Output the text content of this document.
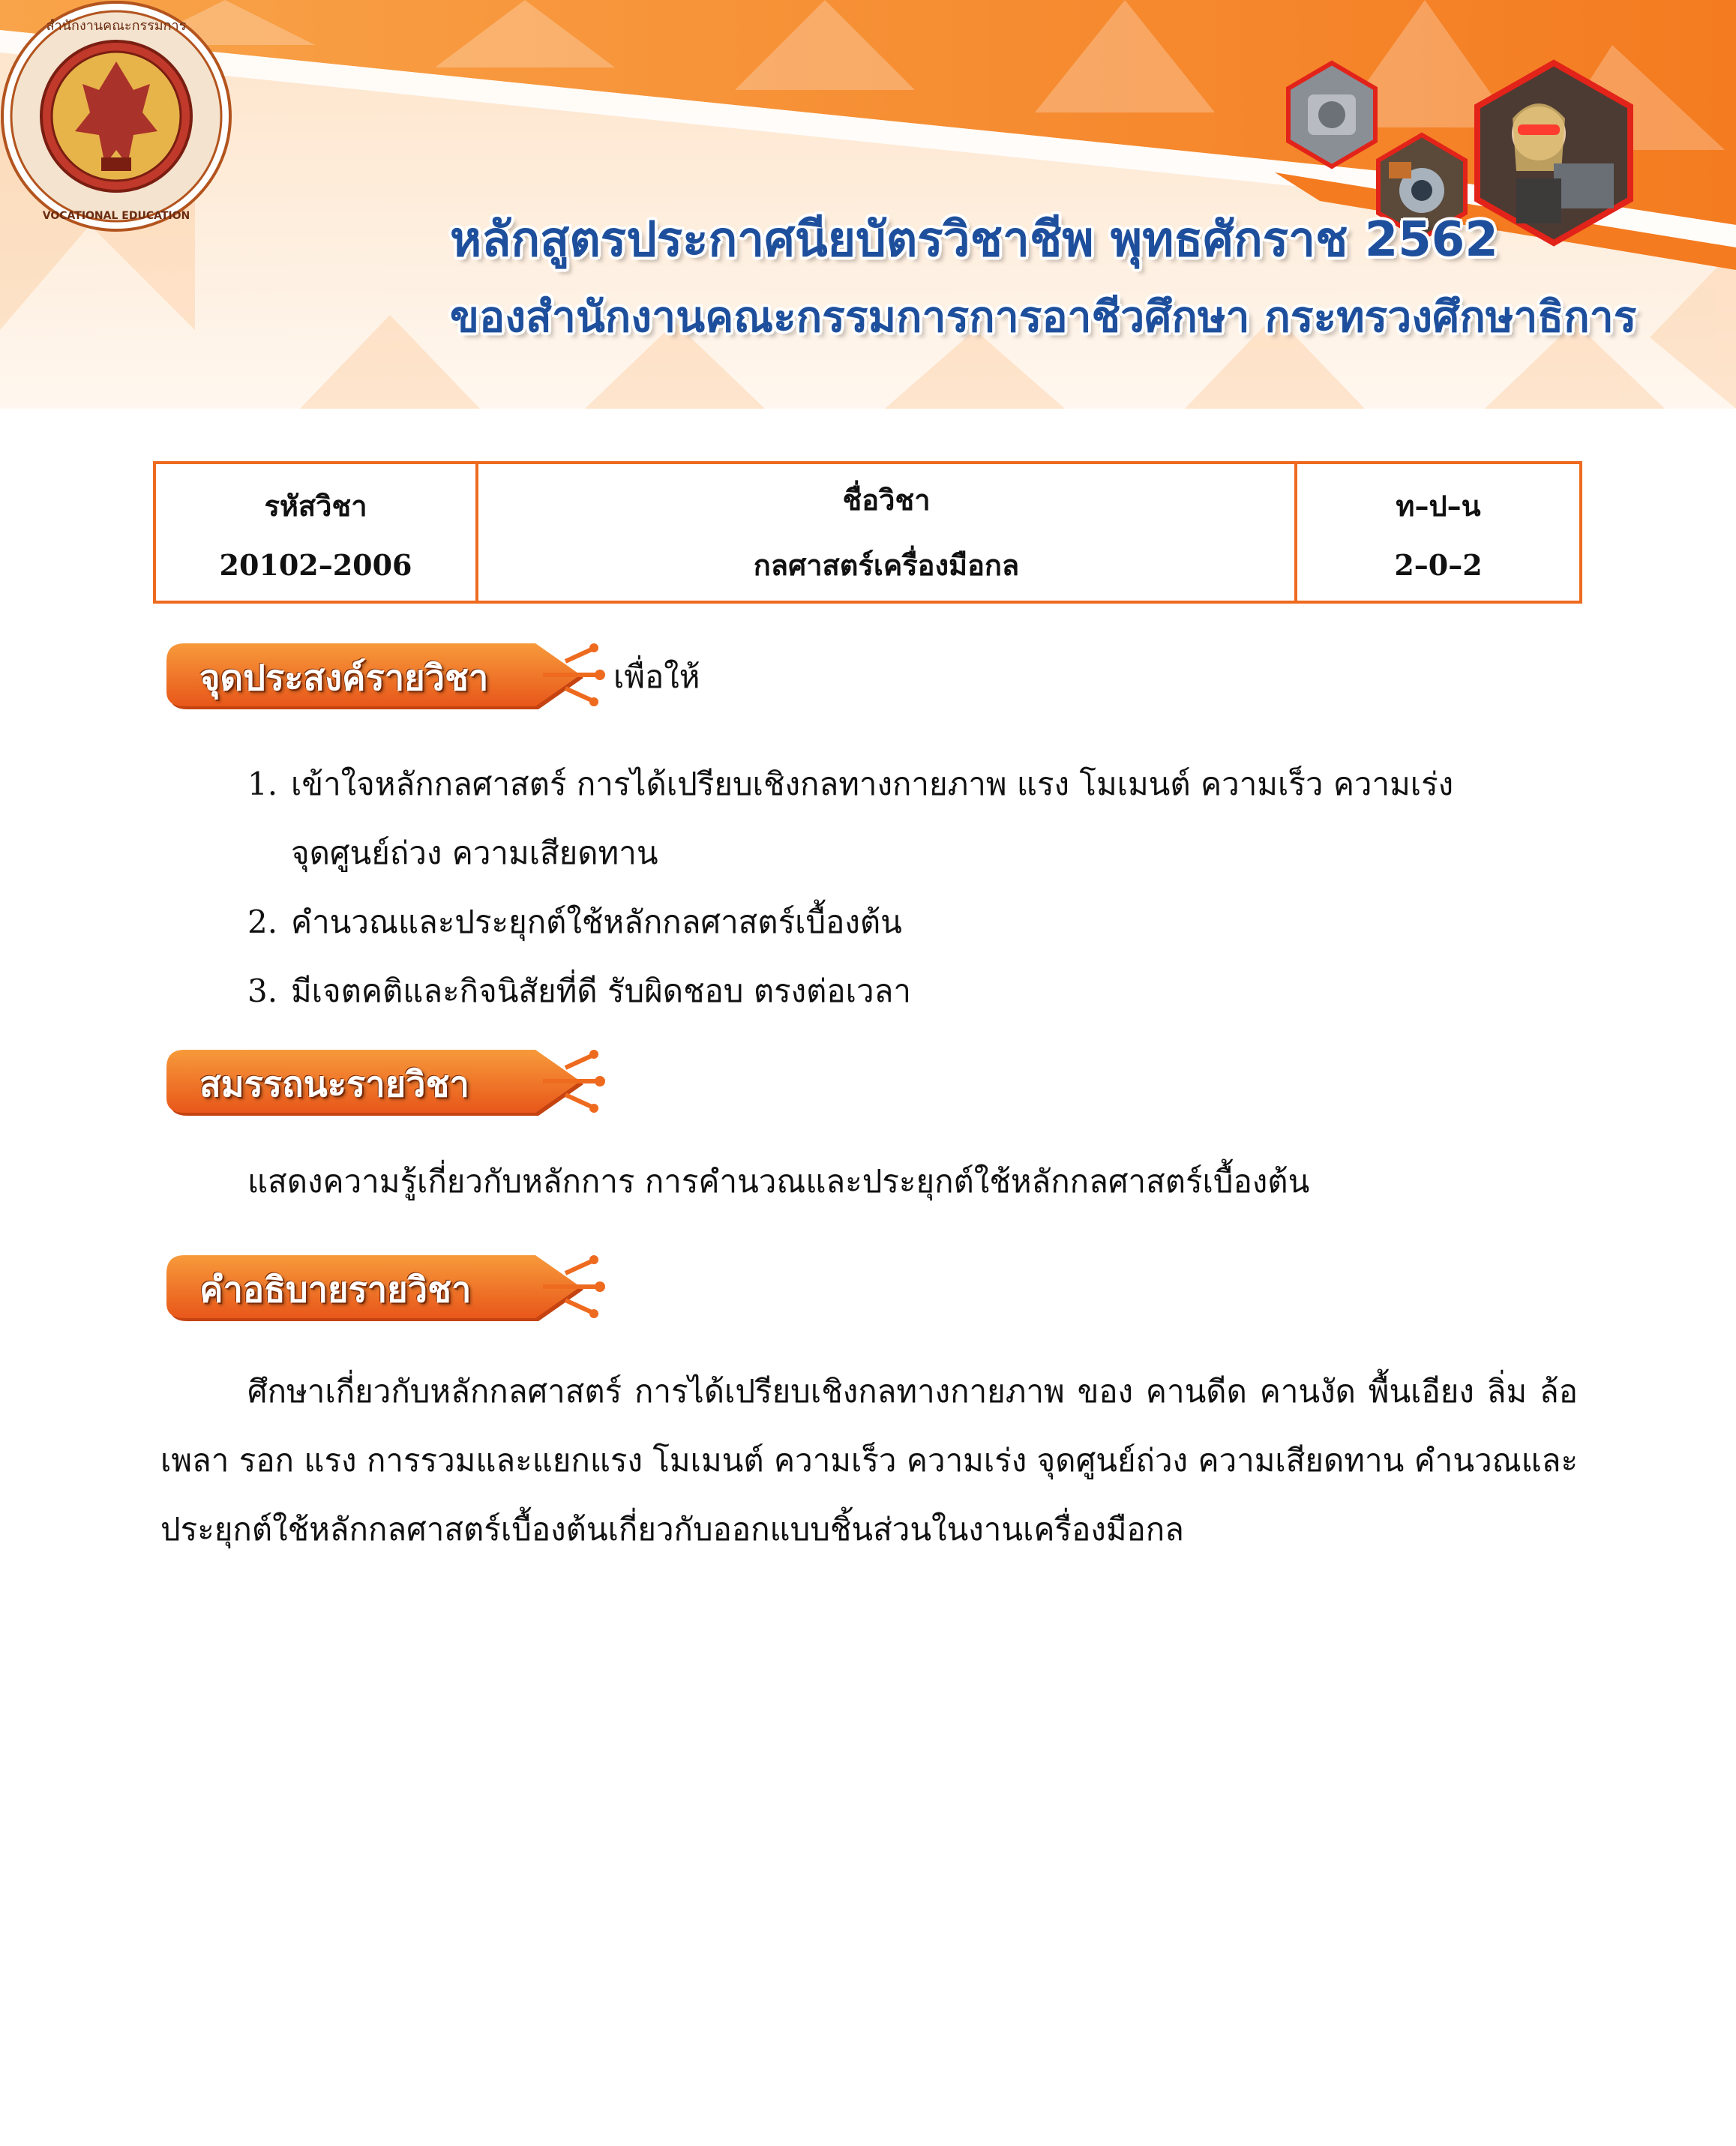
สำนักงานคณะกรรมการ
VOCATIONAL EDUCATION	หลักสูตรประกาศนียบัตรวิชาชีพ พุทธศักราช 2562
ของสำนักงานคณะกรรมการการอาชีวศึกษา กระทรวงศึกษาธิการ
รหัสวิชา
20102–2006
ชื่อวิชา
กลศาสตร์เครื่องมือกล
ท–ป–น
2–0–2
จุดประสงค์รายวิชา	เพื่อให้
1. เข้าใจหลักกลศาสตร์ การได้เปรียบเชิงกลทางกายภาพ แรง โมเมนต์ ความเร็ว ความเร่ง จุดศูนย์ถ่วง ความเสียดทาน
2. คำนวณและประยุกต์ใช้หลักกลศาสตร์เบื้องต้น
3. มีเจตคติและกิจนิสัยที่ดี รับผิดชอบ ตรงต่อเวลา
สมรรถนะรายวิชา

แสดงความรู้เกี่ยวกับหลักการ การคำนวณและประยุกต์ใช้หลักกลศาสตร์เบื้องต้น

คำอธิบายรายวิชา

ศึกษาเกี่ยวกับหลักกลศาสตร์ การได้เปรียบเชิงกลทางกายภาพ ของ คานดีด คานงัด พื้นเอียง ลิ่ม ล้อเพลา รอก แรง การรวมและแยกแรง โมเมนต์ ความเร็ว ความเร่ง จุดศูนย์ถ่วง ความเสียดทาน คำนวณและประยุกต์ใช้หลักกลศาสตร์เบื้องต้นเกี่ยวกับออกแบบชิ้นส่วนในงานเครื่องมือกล
